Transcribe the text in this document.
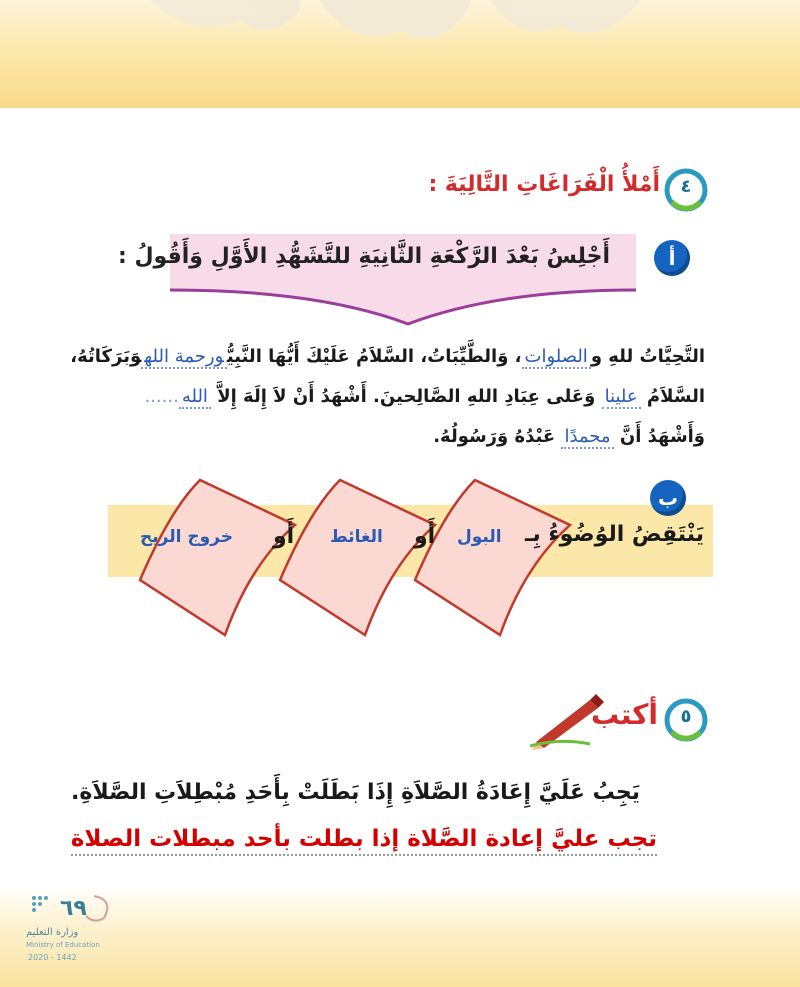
٤
أَمْلأُ الْفَرَاغَاتِ التَّالِيَةَ :
أ
أَجْلِسُ بَعْدَ الرَّكْعَةِ الثَّانِيَةِ للتَّشَهُّدِ الأَوَّلِ وَأَقُولُ :
التَّحِيَّاتُ للهِ والصلوات، وَالطَّيِّبَاتُ، السَّلاَمُ عَلَيْكَ أَيُّهَا النَّبِيُّورحمة اللهوَبَرَكَاتُهُ،
السَّلاَمُ علينا وَعَلى عِبَادِ اللهِ الصَّالِحينَ. أَشْهَدُ أَنْ لاَ إِلَهَ إِلاَّ الله......
وَأَشْهَدُ أَنَّ محمدًا عَبْدُهُ وَرَسُولُهُ.
ب
يَنْتَقِضُ الوُضُوءُ بِـ
البول
أَو
الغائط
أَو
خروج الريح
٥
أكتب
يَجِبُ عَلَيَّ إِعَادَةُ الصَّلاَةِ إِذَا بَطَلَتْ بِأَحَدِ مُبْطِلاَتِ الصَّلاَةِ.
تجب عليَّ إعادة الصَّلاة إذا بطلت بأحد مبطلات الصلاة
٦٩
وزارة التعليم
Ministry of Education
2020 - 1442
